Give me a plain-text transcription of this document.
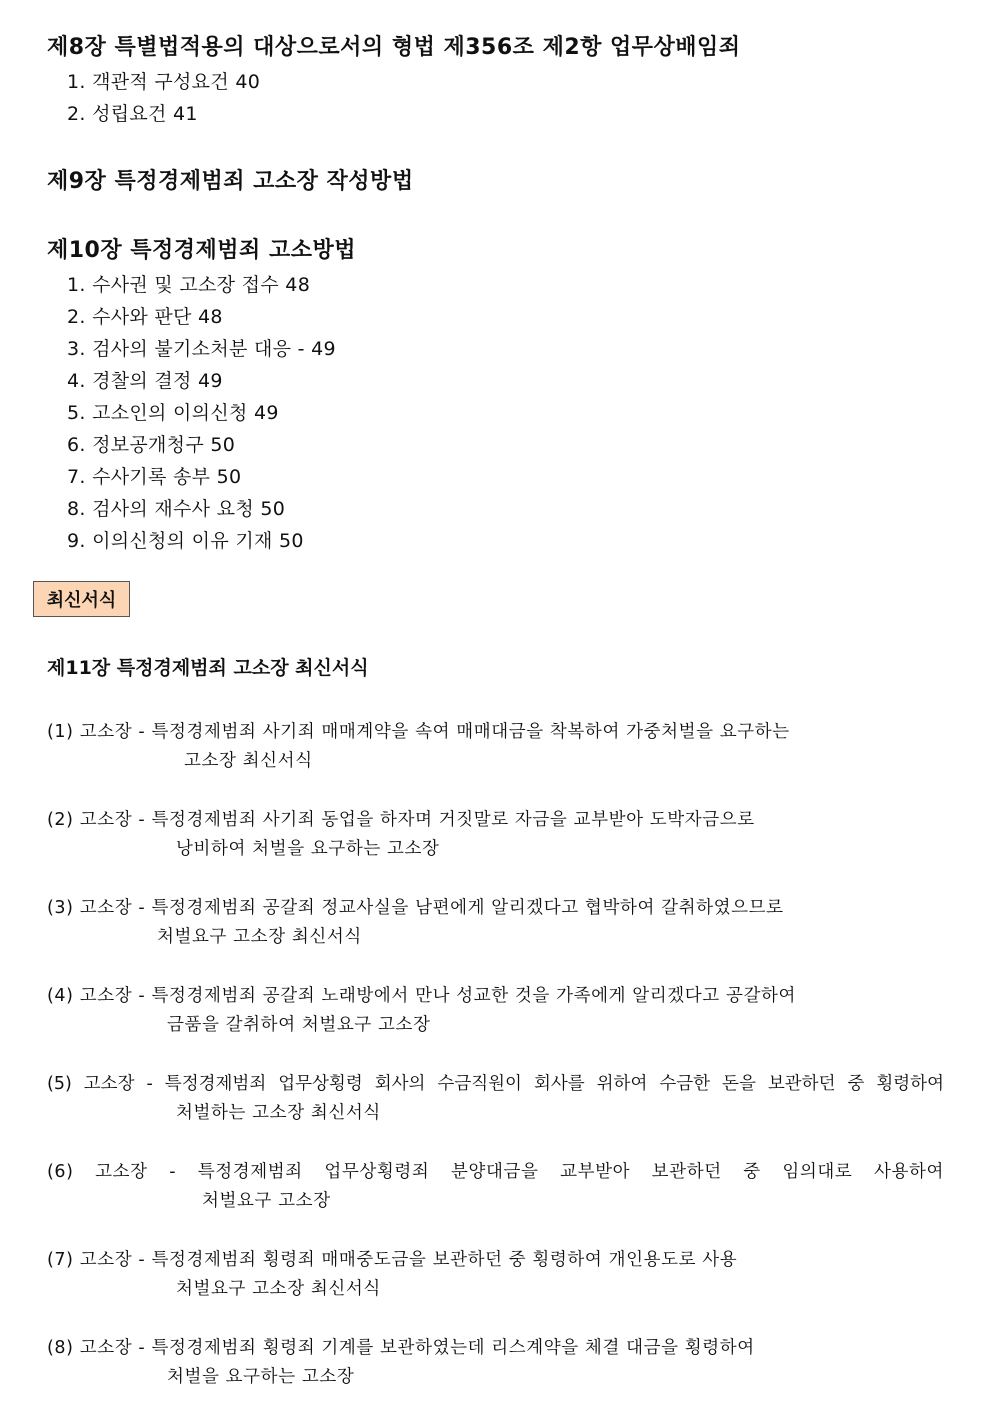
제8장 특별법적용의 대상으로서의 형법 제356조 제2항 업무상배임죄
1. 객관적 구성요건 40
2. 성립요건 41
제9장 특정경제범죄 고소장 작성방법
제10장 특정경제범죄 고소방법
1. 수사권 및 고소장 접수 48
2. 수사와 판단 48
3. 검사의 불기소처분 대응 - 49
4. 경찰의 결정 49
5. 고소인의 이의신청 49
6. 정보공개청구 50
7. 수사기록 송부 50
8. 검사의 재수사 요청 50
9. 이의신청의 이유 기재 50
최신서식
제11장 특정경제범죄 고소장 최신서식
(1) 고소장 - 특정경제범죄 사기죄 매매계약을 속여 매매대금을 착복하여 가중처벌을 요구하는
고소장 최신서식
(2) 고소장 - 특정경제범죄 사기죄 동업을 하자며 거짓말로 자금을 교부받아 도박자금으로
낭비하여 처벌을 요구하는 고소장
(3) 고소장 - 특정경제범죄 공갈죄 정교사실을 남편에게 알리겠다고 협박하여 갈취하였으므로
처벌요구 고소장 최신서식
(4) 고소장 - 특정경제범죄 공갈죄 노래방에서 만나 성교한 것을 가족에게 알리겠다고 공갈하여
금품을 갈취하여 처벌요구 고소장
(5) 고소장 - 특정경제범죄 업무상횡령 회사의 수금직원이 회사를 위하여 수금한 돈을 보관하던 중 횡령하여
처벌하는 고소장 최신서식
(6) 고소장 - 특정경제범죄 업무상횡령죄 분양대금을 교부받아 보관하던 중 임의대로 사용하여
처벌요구 고소장
(7) 고소장 - 특정경제범죄 횡령죄 매매중도금을 보관하던 중 횡령하여 개인용도로 사용
처벌요구 고소장 최신서식
(8) 고소장 - 특정경제범죄 횡령죄 기계를 보관하였는데 리스계약을 체결 대금을 횡령하여
처벌을 요구하는 고소장
